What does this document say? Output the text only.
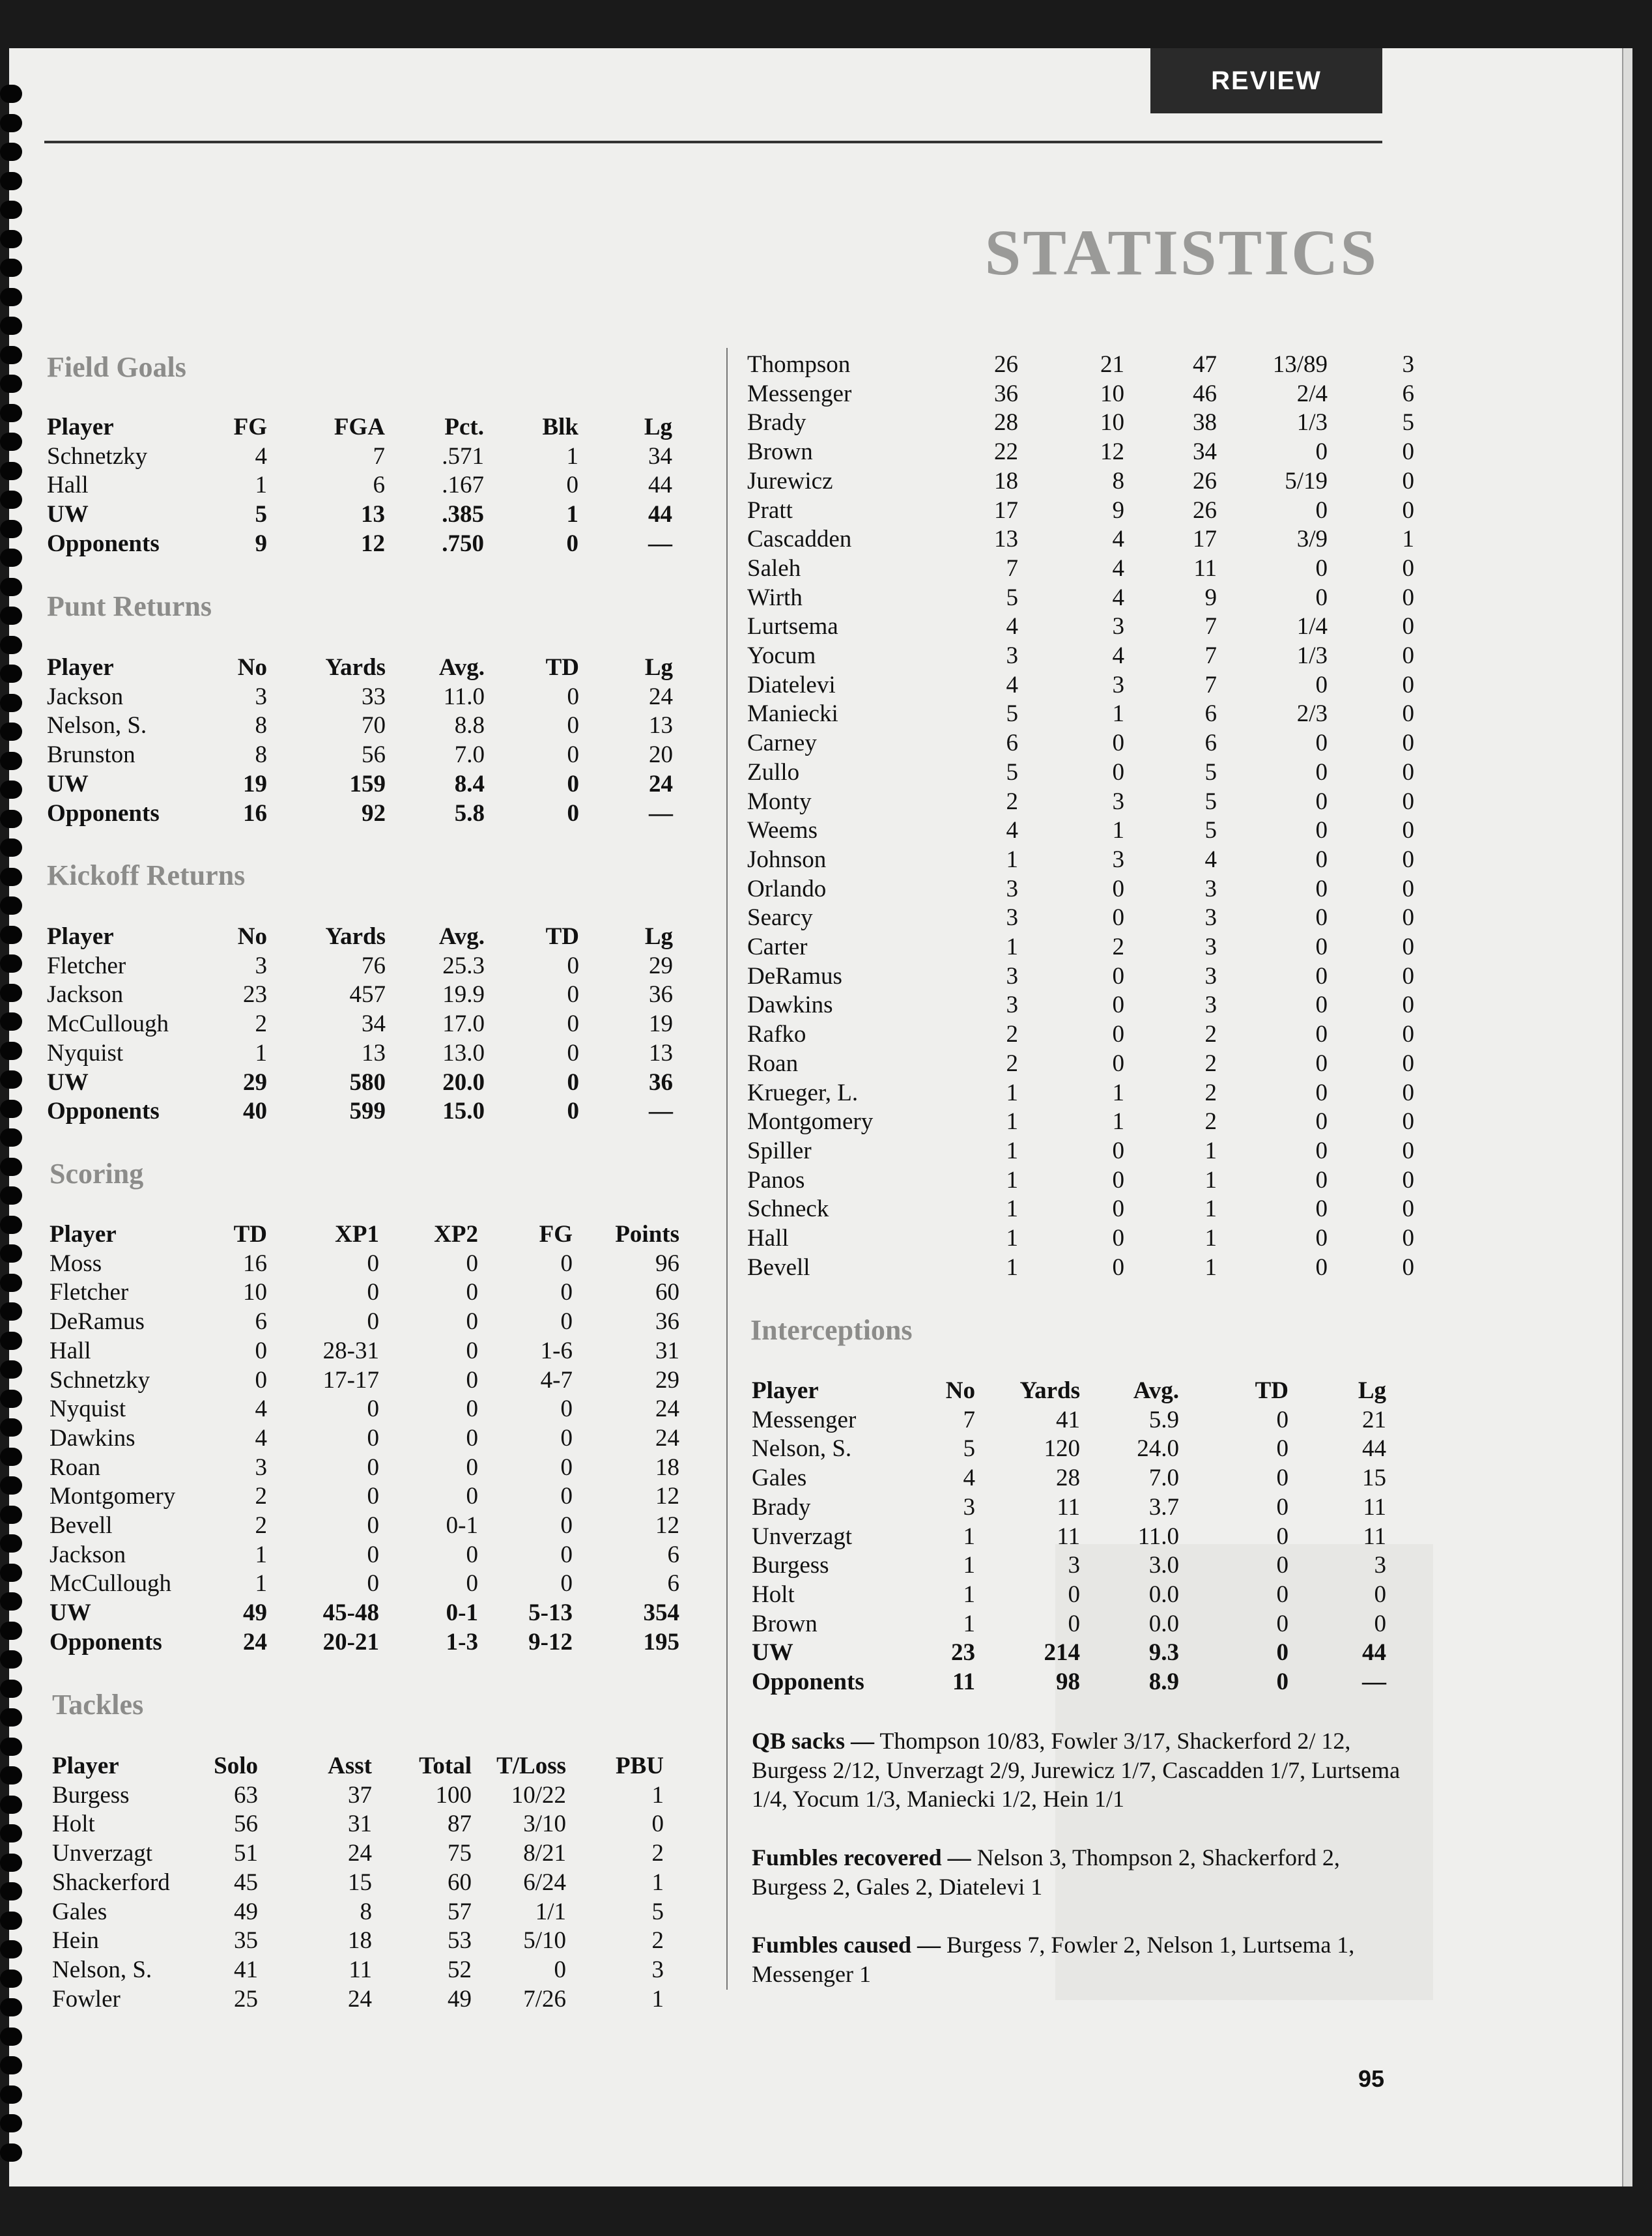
REVIEW
STATISTICS
Field Goals
Player	FG	FGA	Pct.	Blk	Lg
Schnetzky	4	7	.571	1	34
Hall	1	6	.167	0	44
UW	5	13	.385	1	44
Opponents	9	12	.750	0	—
Punt Returns
Player	No	Yards	Avg.	TD	Lg
Jackson	3	33	11.0	0	24
Nelson, S.	8	70	8.8	0	13
Brunston	8	56	7.0	0	20
UW	19	159	8.4	0	24
Opponents	16	92	5.8	0	—
Kickoff Returns
Player	No	Yards	Avg.	TD	Lg
Fletcher	3	76	25.3	0	29
Jackson	23	457	19.9	0	36
McCullough	2	34	17.0	0	19
Nyquist	1	13	13.0	0	13
UW	29	580	20.0	0	36
Opponents	40	599	15.0	0	—
Scoring
Player	TD	XP1	XP2	FG	Points
Moss	16	0	0	0	96
Fletcher	10	0	0	0	60
DeRamus	6	0	0	0	36
Hall	0	28-31	0	1-6	31
Schnetzky	0	17-17	0	4-7	29
Nyquist	4	0	0	0	24
Dawkins	4	0	0	0	24
Roan	3	0	0	0	18
Montgomery	2	0	0	0	12
Bevell	2	0	0-1	0	12
Jackson	1	0	0	0	6
McCullough	1	0	0	0	6
UW	49	45-48	0-1	5-13	354
Opponents	24	20-21	1-3	9-12	195
Tackles
Player	Solo	Asst	Total	T/Loss	PBU
Burgess	63	37	100	10/22	1
Holt	56	31	87	3/10	0
Unverzagt	51	24	75	8/21	2
Shackerford	45	15	60	6/24	1
Gales	49	8	57	1/1	5
Hein	35	18	53	5/10	2
Nelson, S.	41	11	52	0	3
Fowler	25	24	49	7/26	1
Thompson	26	21	47	13/89	3
Messenger	36	10	46	2/4	6
Brady	28	10	38	1/3	5
Brown	22	12	34	0	0
Jurewicz	18	8	26	5/19	0
Pratt	17	9	26	0	0
Cascadden	13	4	17	3/9	1
Saleh	7	4	11	0	0
Wirth	5	4	9	0	0
Lurtsema	4	3	7	1/4	0
Yocum	3	4	7	1/3	0
Diatelevi	4	3	7	0	0
Maniecki	5	1	6	2/3	0
Carney	6	0	6	0	0
Zullo	5	0	5	0	0
Monty	2	3	5	0	0
Weems	4	1	5	0	0
Johnson	1	3	4	0	0
Orlando	3	0	3	0	0
Searcy	3	0	3	0	0
Carter	1	2	3	0	0
DeRamus	3	0	3	0	0
Dawkins	3	0	3	0	0
Rafko	2	0	2	0	0
Roan	2	0	2	0	0
Krueger, L.	1	1	2	0	0
Montgomery	1	1	2	0	0
Spiller	1	0	1	0	0
Panos	1	0	1	0	0
Schneck	1	0	1	0	0
Hall	1	0	1	0	0
Bevell	1	0	1	0	0
Interceptions
Player	No	Yards	Avg.	TD	Lg
Messenger	7	41	5.9	0	21
Nelson, S.	5	120	24.0	0	44
Gales	4	28	7.0	0	15
Brady	3	11	3.7	0	11
Unverzagt	1	11	11.0	0	11
Burgess	1	3	3.0	0	3
Holt	1	0	0.0	0	0
Brown	1	0	0.0	0	0
UW	23	214	9.3	0	44
Opponents	11	98	8.9	0	—
QB sacks — Thompson 10/83, Fowler 3/17, Shackerford 2/ 12, Burgess 2/12, Unverzagt 2/9, Jurewicz 1/7, Cascadden 1/7, Lurtsema 1/4, Yocum 1/3, Maniecki 1/2, Hein 1/1
Fumbles recovered — Nelson 3, Thompson 2, Shackerford 2, Burgess 2, Gales 2, Diatelevi 1
Fumbles caused — Burgess 7, Fowler 2, Nelson 1, Lurtsema 1, Messenger 1
95
